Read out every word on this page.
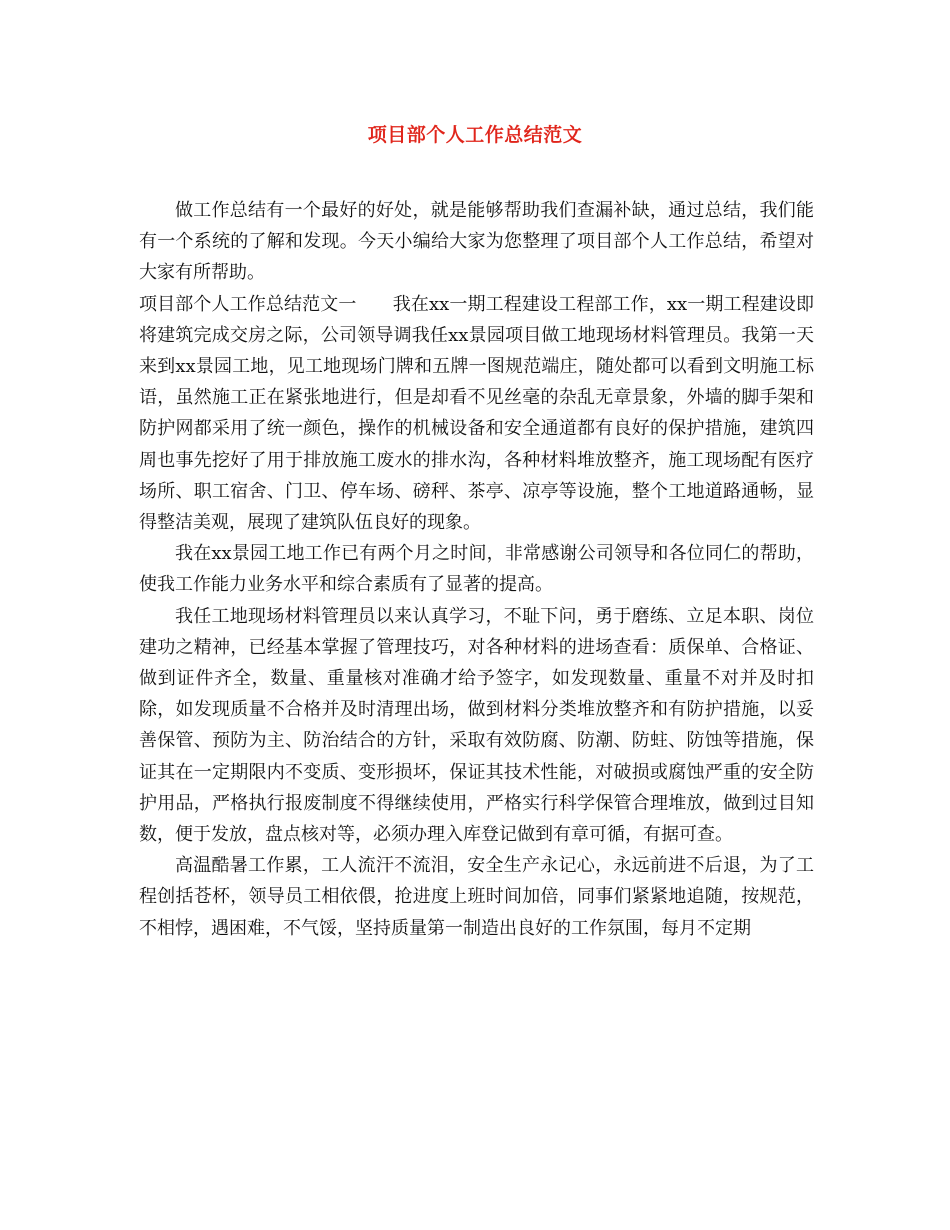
项目部个人工作总结范文

做工作总结有一个最好的好处，就是能够帮助我们查漏补缺，通过总结，我们能有一个系统的了解和发现。今天小编给大家为您整理了项目部个人工作总结，希望对大家有所帮助。

项目部个人工作总结范文一　　我在xx一期工程建设工程部工作，xx一期工程建设即将建筑完成交房之际，公司领导调我任xx景园项目做工地现场材料管理员。我第一天来到xx景园工地，见工地现场门牌和五牌一图规范端庄，随处都可以看到文明施工标语，虽然施工正在紧张地进行，但是却看不见丝毫的杂乱无章景象，外墙的脚手架和防护网都采用了统一颜色，操作的机械设备和安全通道都有良好的保护措施，建筑四周也事先挖好了用于排放施工废水的排水沟，各种材料堆放整齐，施工现场配有医疗场所、职工宿舍、门卫、停车场、磅秤、茶亭、凉亭等设施，整个工地道路通畅，显得整洁美观，展现了建筑队伍良好的现象。

我在xx景园工地工作已有两个月之时间，非常感谢公司领导和各位同仁的帮助，使我工作能力业务水平和综合素质有了显著的提高。

我任工地现场材料管理员以来认真学习，不耻下问，勇于磨练、立足本职、岗位建功之精神，已经基本掌握了管理技巧，对各种材料的进场查看：质保单、合格证、做到证件齐全，数量、重量核对准确才给予签字，如发现数量、重量不对并及时扣除，如发现质量不合格并及时清理出场，做到材料分类堆放整齐和有防护措施，以妥善保管、预防为主、防治结合的方针，采取有效防腐、防潮、防蛀、防蚀等措施，保证其在一定期限内不变质、变形损坏，保证其技术性能，对破损或腐蚀严重的安全防护用品，严格执行报废制度不得继续使用，严格实行科学保管合理堆放，做到过目知数，便于发放，盘点核对等，必须办理入库登记做到有章可循，有据可查。

高温酷暑工作累，工人流汗不流泪，安全生产永记心，永远前进不后退，为了工程创括苍杯，领导员工相依偎，抢进度上班时间加倍，同事们紧紧地追随，按规范，不相悖，遇困难，不气馁，坚持质量第一制造出良好的工作氛围，每月不定期
